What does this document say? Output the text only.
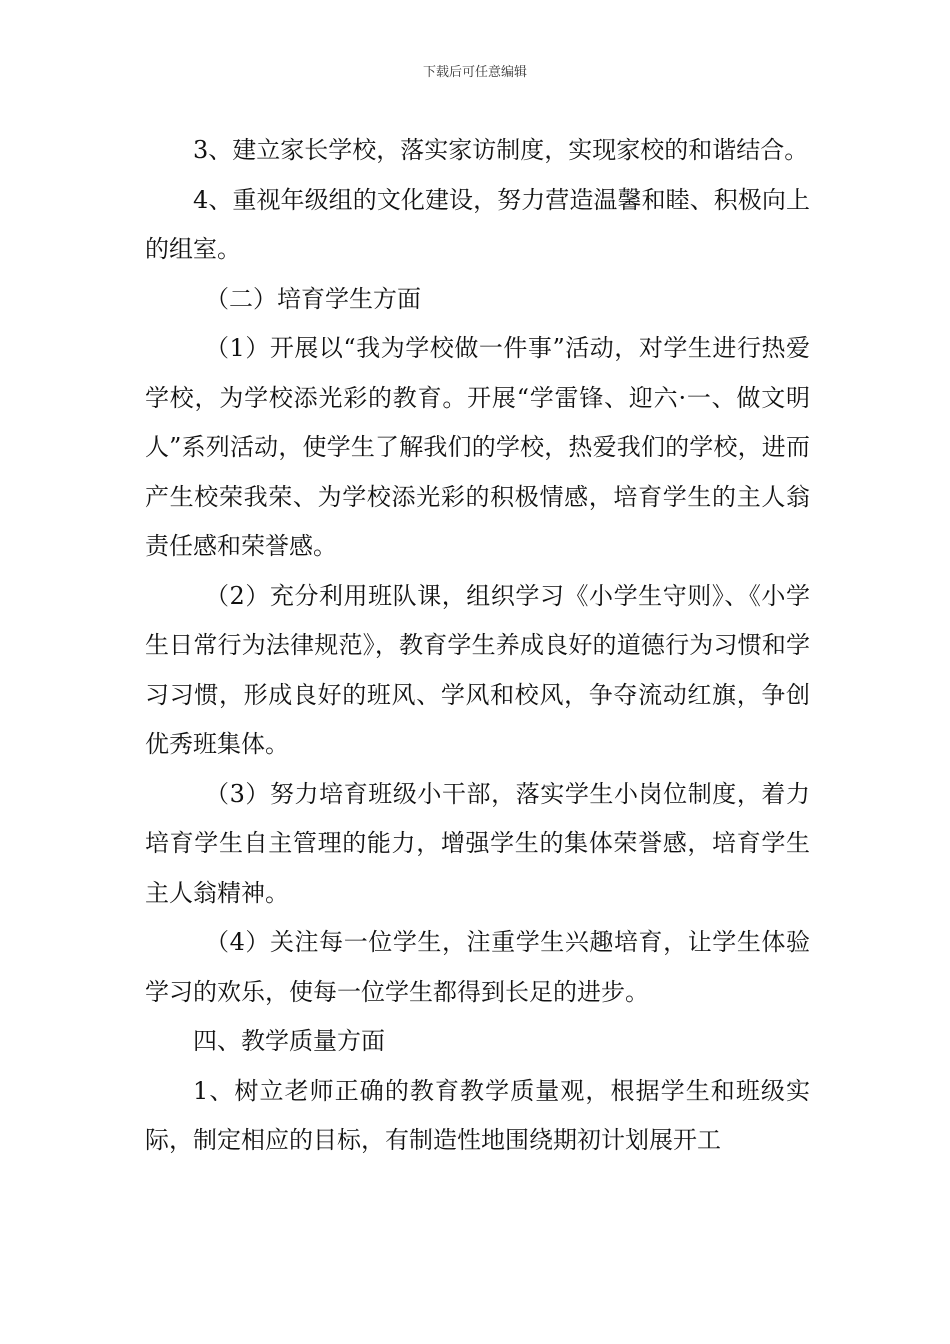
下载后可任意编辑

3、建立家长学校，落实家访制度，实现家校的和谐结合。

4、重视年级组的文化建设，努力营造温馨和睦、积极向上的组室。

（二）培育学生方面

（1）开展以“我为学校做一件事”活动，对学生进行热爱学校，为学校添光彩的教育。开展“学雷锋、迎六·一、做文明人”系列活动，使学生了解我们的学校，热爱我们的学校，进而产生校荣我荣、为学校添光彩的积极情感，培育学生的主人翁责任感和荣誉感。

（2）充分利用班队课，组织学习《小学生守则》、《小学生日常行为法律规范》，教育学生养成良好的道德行为习惯和学习习惯，形成良好的班风、学风和校风，争夺流动红旗，争创优秀班集体。

（3）努力培育班级小干部，落实学生小岗位制度，着力培育学生自主管理的能力，增强学生的集体荣誉感，培育学生主人翁精神。

（4）关注每一位学生，注重学生兴趣培育，让学生体验学习的欢乐，使每一位学生都得到长足的进步。

四、教学质量方面

1、树立老师正确的教育教学质量观，根据学生和班级实际，制定相应的目标，有制造性地围绕期初计划展开工
